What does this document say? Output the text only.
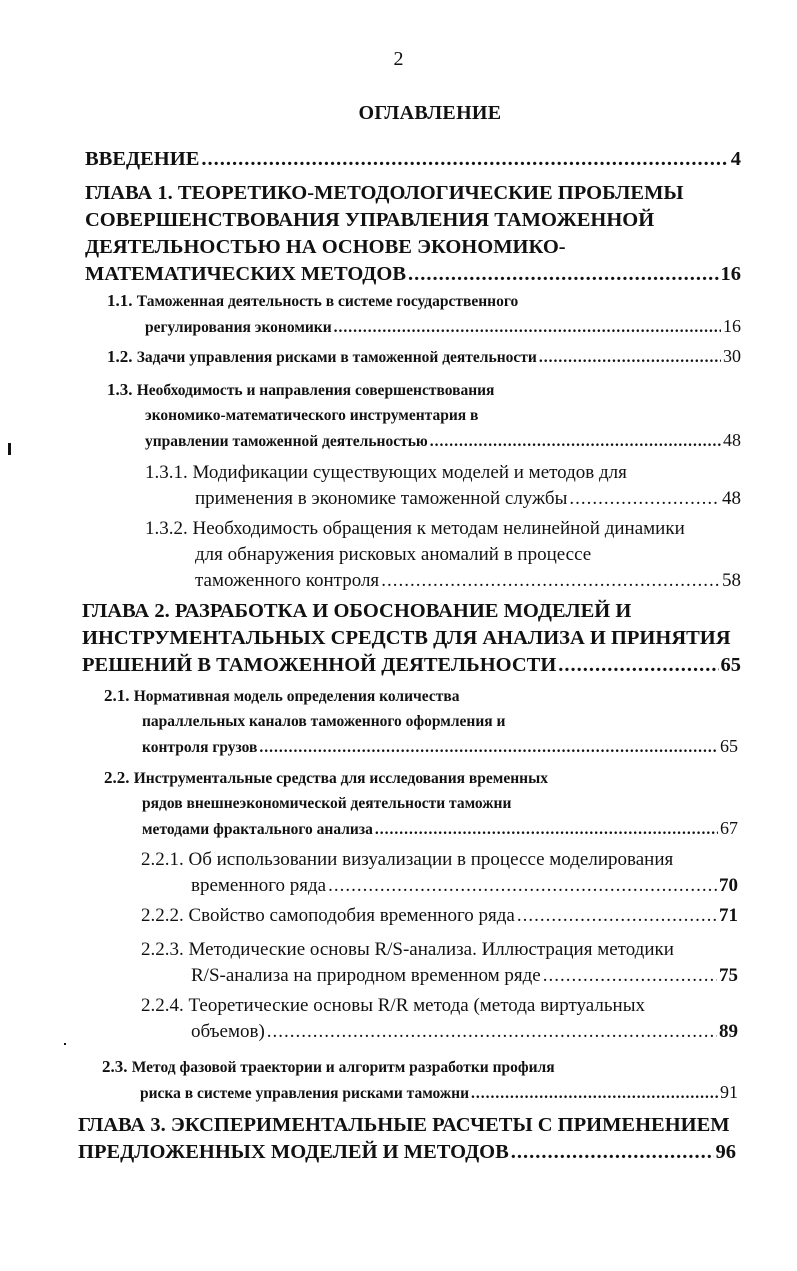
2
ОГЛАВЛЕНИЕ
ВВЕДЕНИЕ .....	4
ГЛАВА 1. ТЕОРЕТИКО-МЕТОДОЛОГИЧЕСКИЕ ПРОБЛЕМЫ
СОВЕРШЕНСТВОВАНИЯ УПРАВЛЕНИЯ ТАМОЖЕННОЙ
ДЕЯТЕЛЬНОСТЬЮ НА ОСНОВЕ ЭКОНОМИКО-
МАТЕМАТИЧЕСКИХ МЕТОДОВ .....	16
1.1. Таможенная деятельность в системе государственного
регулирования экономики .....	16
1.2. Задачи управления рисками в таможенной деятельности .....	30
1.3. Необходимость и направления совершенствования
экономико-математического инструментария в
управлении таможенной деятельностью .....	48
1.3.1. Модификации существующих моделей и методов для
применения в экономике таможенной службы .....	48
1.3.2. Необходимость обращения к методам нелинейной динамики
для обнаружения рисковых аномалий в процессе
таможенного контроля .....	58
ГЛАВА 2. РАЗРАБОТКА И ОБОСНОВАНИЕ МОДЕЛЕЙ И
ИНСТРУМЕНТАЛЬНЫХ СРЕДСТВ ДЛЯ АНАЛИЗА И ПРИНЯТИЯ
РЕШЕНИЙ В ТАМОЖЕННОЙ ДЕЯТЕЛЬНОСТИ .....	65
2.1. Нормативная модель определения количества
параллельных каналов таможенного оформления и
контроля грузов .....	65
2.2. Инструментальные средства для исследования временных
рядов внешнеэкономической деятельности таможни
методами фрактального анализа .....	67
2.2.1. Об использовании визуализации в процессе моделирования
временного ряда .....	70
2.2.2. Свойство самоподобия временного ряда .....	71
2.2.3. Методические основы R/S-анализа. Иллюстрация методики
R/S-анализа на природном временном ряде .....	75
2.2.4. Теоретические основы R/R метода (метода виртуальных
объемов) .....	89
2.3. Метод фазовой траектории и алгоритм разработки профиля
риска в системе управления рисками таможни .....	91
ГЛАВА 3. ЭКСПЕРИМЕНТАЛЬНЫЕ РАСЧЕТЫ С ПРИМЕНЕНИЕМ
ПРЕДЛОЖЕННЫХ МОДЕЛЕЙ И МЕТОДОВ .....	96
